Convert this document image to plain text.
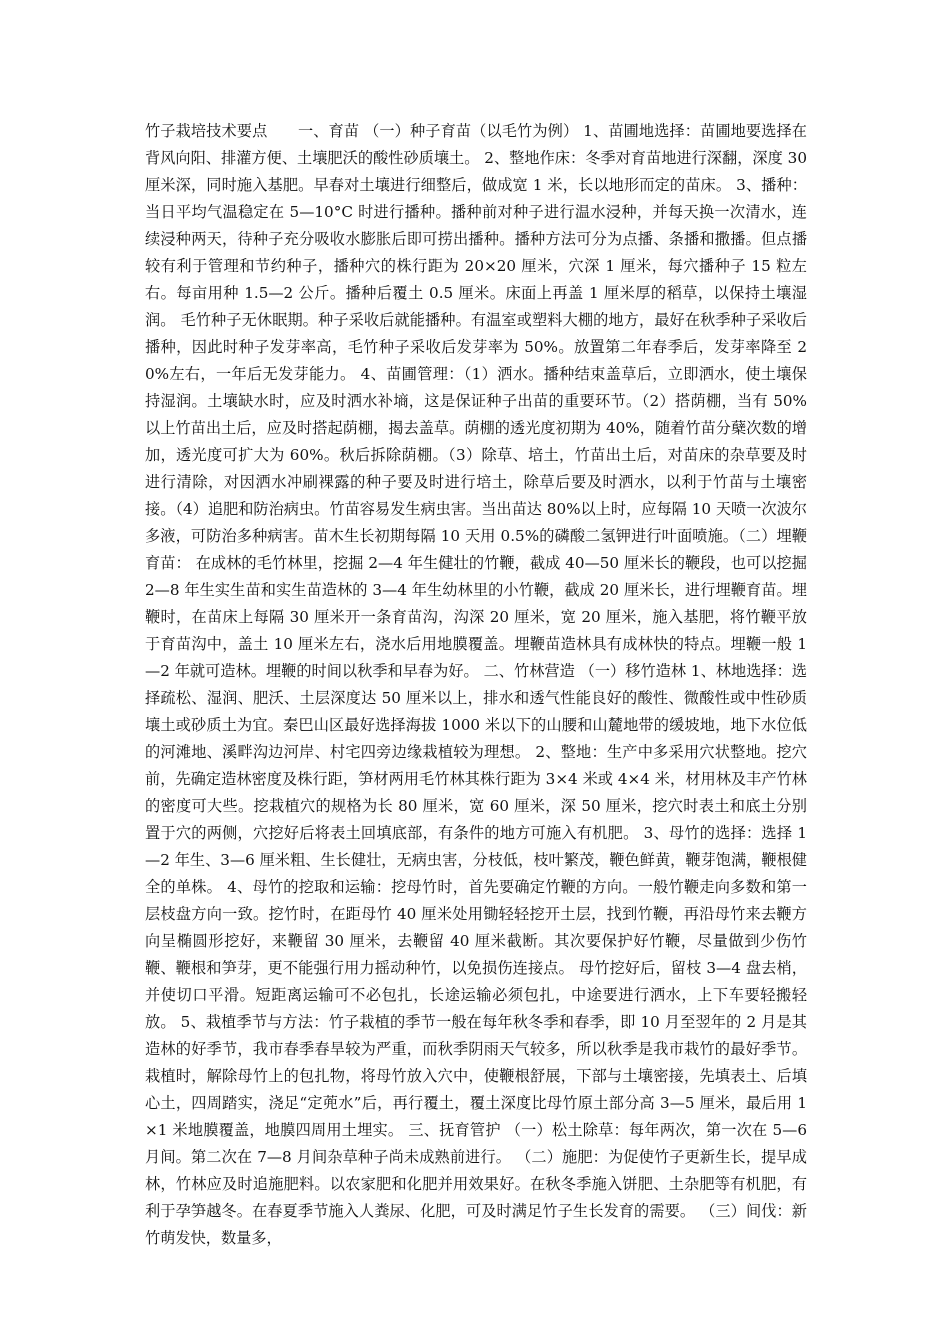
竹子栽培技术要点　　一、育苗 （一）种子育苗（以毛竹为例） 1、苗圃地选择：苗圃地要选择在背风向阳、排灌方便、土壤肥沃的酸性砂质壤土。 2、整地作床：冬季对育苗地进行深翻，深度 30 厘米深，同时施入基肥。早春对土壤进行细整后，做成宽 1 米，长以地形而定的苗床。 3、播种：当日平均气温稳定在 5—10°C 时进行播种。播种前对种子进行温水浸种，并每天换一次清水，连续浸种两天，待种子充分吸收水膨胀后即可捞出播种。播种方法可分为点播、条播和撒播。但点播较有利于管理和节约种子，播种穴的株行距为 20×20 厘米，穴深 1 厘米，每穴播种子 15 粒左右。每亩用种 1.5—2 公斤。播种后覆土 0.5 厘米。床面上再盖 1 厘米厚的稻草，以保持土壤湿润。 毛竹种子无休眠期。种子采收后就能播种。有温室或塑料大棚的地方，最好在秋季种子采收后播种，因此时种子发芽率高，毛竹种子采收后发芽率为 50%。放置第二年春季后，发芽率降至 20%左右，一年后无发芽能力。 4、苗圃管理：（1）洒水。播种结束盖草后，立即洒水，使土壤保持湿润。土壤缺水时，应及时洒水补墒，这是保证种子出苗的重要环节。（2）搭荫棚，当有 50%以上竹苗出土后，应及时搭起荫棚，揭去盖草。荫棚的透光度初期为 40%，随着竹苗分蘖次数的增加，透光度可扩大为 60%。秋后拆除荫棚。（3）除草、培土，竹苗出土后，对苗床的杂草要及时进行清除，对因洒水冲刷裸露的种子要及时进行培土，除草后要及时洒水，以利于竹苗与土壤密接。（4）追肥和防治病虫。竹苗容易发生病虫害。当出苗达 80%以上时，应每隔 10 天喷一次波尔多液，可防治多种病害。苗木生长初期每隔 10 天用 0.5%的磷酸二氢钾进行叶面喷施。（二）埋鞭育苗： 在成林的毛竹林里，挖掘 2—4 年生健壮的竹鞭，截成 40—50 厘米长的鞭段，也可以挖掘 2—8 年生实生苗和实生苗造林的 3—4 年生幼林里的小竹鞭，截成 20 厘米长，进行埋鞭育苗。埋鞭时，在苗床上每隔 30 厘米开一条育苗沟，沟深 20 厘米，宽 20 厘米，施入基肥，将竹鞭平放于育苗沟中，盖土 10 厘米左右，浇水后用地膜覆盖。埋鞭苗造林具有成林快的特点。埋鞭一般 1—2 年就可造林。埋鞭的时间以秋季和早春为好。 二、竹林营造 （一）移竹造林 1、林地选择：选择疏松、湿润、肥沃、土层深度达 50 厘米以上，排水和透气性能良好的酸性、微酸性或中性砂质壤土或砂质土为宜。秦巴山区最好选择海拔 1000 米以下的山腰和山麓地带的缓坡地，地下水位低的河滩地、溪畔沟边河岸、村宅四旁边缘栽植较为理想。 2、整地：生产中多采用穴状整地。挖穴前，先确定造林密度及株行距，笋材两用毛竹林其株行距为 3×4 米或 4×4 米，材用林及丰产竹林的密度可大些。挖栽植穴的规格为长 80 厘米，宽 60 厘米，深 50 厘米，挖穴时表土和底土分别置于穴的两侧，穴挖好后将表土回填底部，有条件的地方可施入有机肥。 3、母竹的选择：选择 1—2 年生、3—6 厘米粗、生长健壮，无病虫害，分枝低，枝叶繁茂，鞭色鲜黄，鞭芽饱满，鞭根健全的单株。 4、母竹的挖取和运输：挖母竹时，首先要确定竹鞭的方向。一般竹鞭走向多数和第一层枝盘方向一致。挖竹时，在距母竹 40 厘米处用锄轻轻挖开土层，找到竹鞭，再沿母竹来去鞭方向呈椭圆形挖好，来鞭留 30 厘米，去鞭留 40 厘米截断。其次要保护好竹鞭，尽量做到少伤竹鞭、鞭根和笋芽，更不能强行用力摇动种竹，以免损伤连接点。 母竹挖好后，留枝 3—4 盘去梢，并使切口平滑。短距离运输可不必包扎，长途运输必须包扎，中途要进行洒水，上下车要轻搬轻放。 5、栽植季节与方法：竹子栽植的季节一般在每年秋冬季和春季，即 10 月至翌年的 2 月是其造林的好季节，我市春季春旱较为严重，而秋季阴雨天气较多，所以秋季是我市栽竹的最好季节。 栽植时，解除母竹上的包扎物，将母竹放入穴中，使鞭根舒展，下部与土壤密接，先填表土、后填心土，四周踏实，浇足“定蔸水”后，再行覆土，覆土深度比母竹原土部分高 3—5 厘米，最后用 1×1 米地膜覆盖，地膜四周用土埋实。 三、抚育管护 （一）松土除草：每年两次，第一次在 5—6 月间。第二次在 7—8 月间杂草种子尚未成熟前进行。 （二）施肥：为促使竹子更新生长，提早成林，竹林应及时追施肥料。以农家肥和化肥并用效果好。在秋冬季施入饼肥、土杂肥等有机肥，有利于孕笋越冬。在春夏季节施入人粪尿、化肥，可及时满足竹子生长发育的需要。 （三）间伐：新竹萌发快，数量多，
